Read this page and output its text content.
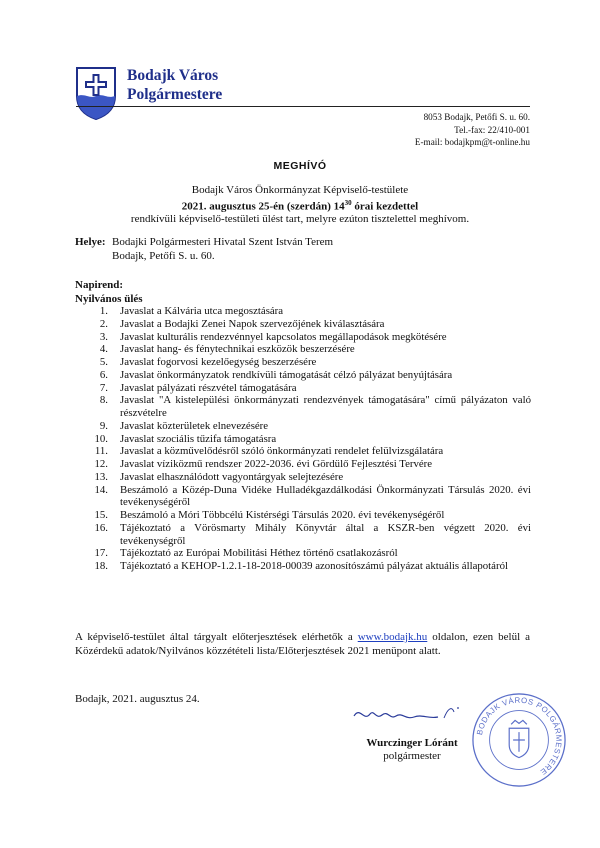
Bodajk Város
Polgármestere
8053 Bodajk, Petőfi S. u. 60.
Tel.-fax: 22/410-001
E-mail: bodajkpm@t-online.hu
MEGHÍVÓ
Bodajk Város Önkormányzat Képviselő-testülete
2021. augusztus 25-én (szerdán) $14^{30}$ órai kezdettel
rendkívüli képviselő-testületi ülést tart, melyre ezúton tisztelettel meghívom.
Helye: Bodajki Polgármesteri Hivatal Szent István Terem
Bodajk, Petőfi S. u. 60.
Napirend:
Nyilvános ülés
1. Javaslat a Kálvária utca megosztására
2. Javaslat a Bodajki Zenei Napok szervezőjének kiválasztására
3. Javaslat kulturális rendezvénnyel kapcsolatos megállapodások megkötésére
4. Javaslat hang- és fénytechnikai eszközök beszerzésére
5. Javaslat fogorvosi kezelőegység beszerzésére
6. Javaslat önkormányzatok rendkívüli támogatását célzó pályázat benyújtására
7. Javaslat pályázati részvétel támogatására
8. Javaslat "A kistelepülési önkormányzati rendezvények támogatására" című pályázaton való részvételre
9. Javaslat közterületek elnevezésére
10. Javaslat szociális tűzifa támogatásra
11. Javaslat a közművelődésről szóló önkormányzati rendelet felülvizsgálatára
12. Javaslat víziközmű rendszer 2022-2036. évi Gördülő Fejlesztési Tervére
13. Javaslat elhasználódott vagyontárgyak selejtezésére
14. Beszámoló a Közép-Duna Vidéke Hulladékgazdálkodási Önkormányzati Társulás 2020. évi tevékenységéről
15. Beszámoló a Móri Többcélú Kistérségi Társulás 2020. évi tevékenységéről
16. Tájékoztató a Vörösmarty Mihály Könyvtár által a KSZR-ben végzett 2020. évi tevékenységről
17. Tájékoztató az Európai Mobilitási Héthez történő csatlakozásról
18. Tájékoztató a KEHOP-1.2.1-18-2018-00039 azonosítószámú pályázat aktuális állapotáról
A képviselő-testület által tárgyalt előterjesztések elérhetők a www.bodajk.hu oldalon, ezen belül a Közérdekű adatok/Nyilvános közzétételi lista/Előterjesztések 2021 menüpont alatt.
Bodajk, 2021. augusztus 24.
Wurczinger Lóránt
polgármester
BODAJK VÁROS POLGÁRMESTERE
